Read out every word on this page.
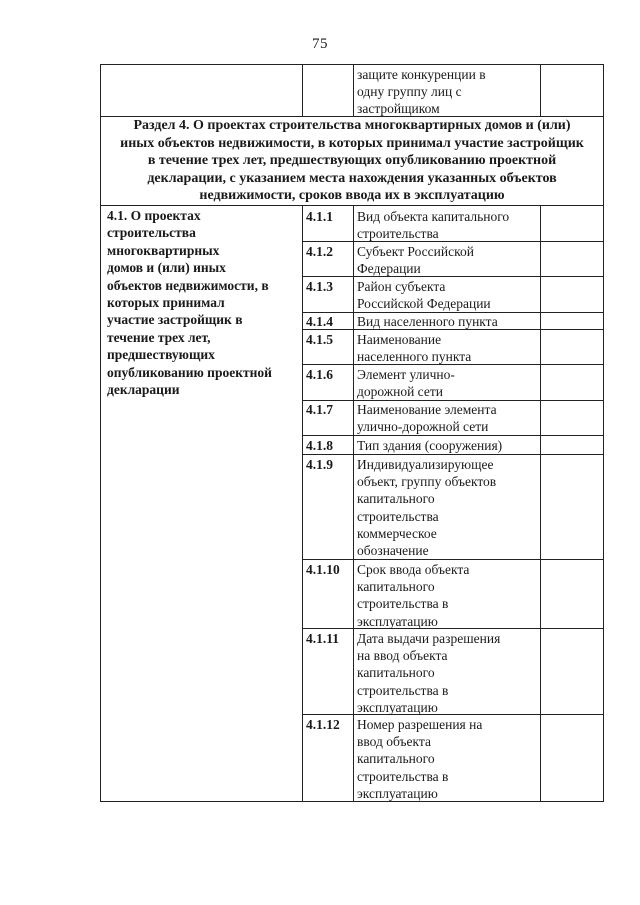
75
защите конкуренции в
одну группу лиц с
застройщиком
Раздел 4. О проектах строительства многоквартирных домов и (или)
иных объектов недвижимости, в которых принимал участие застройщик
в течение трех лет, предшествующих опубликованию проектной
декларации, с указанием места нахождения указанных объектов
недвижимости, сроков ввода их в эксплуатацию
4.1. О проектах
строительства
многоквартирных
домов и (или) иных
объектов недвижимости, в
которых принимал
участие застройщик в
течение трех лет,
предшествующих
опубликованию проектной
декларации
4.1.1	Вид объекта капитального
строительства
4.1.2	Субъект Российской
Федерации
4.1.3	Район субъекта
Российской Федерации
4.1.4	Вид населенного пункта
4.1.5	Наименование
населенного пункта
4.1.6	Элемент улично-
дорожной сети
4.1.7	Наименование элемента
улично-дорожной сети
4.1.8	Тип здания (сооружения)
4.1.9	Индивидуализирующее
объект, группу объектов
капитального
строительства
коммерческое
обозначение
4.1.10	Срок ввода объекта
капитального
строительства в
эксплуатацию
4.1.11	Дата выдачи разрешения
на ввод объекта
капитального
строительства в
эксплуатацию
4.1.12	Номер разрешения на
ввод объекта
капитального
строительства в
эксплуатацию
